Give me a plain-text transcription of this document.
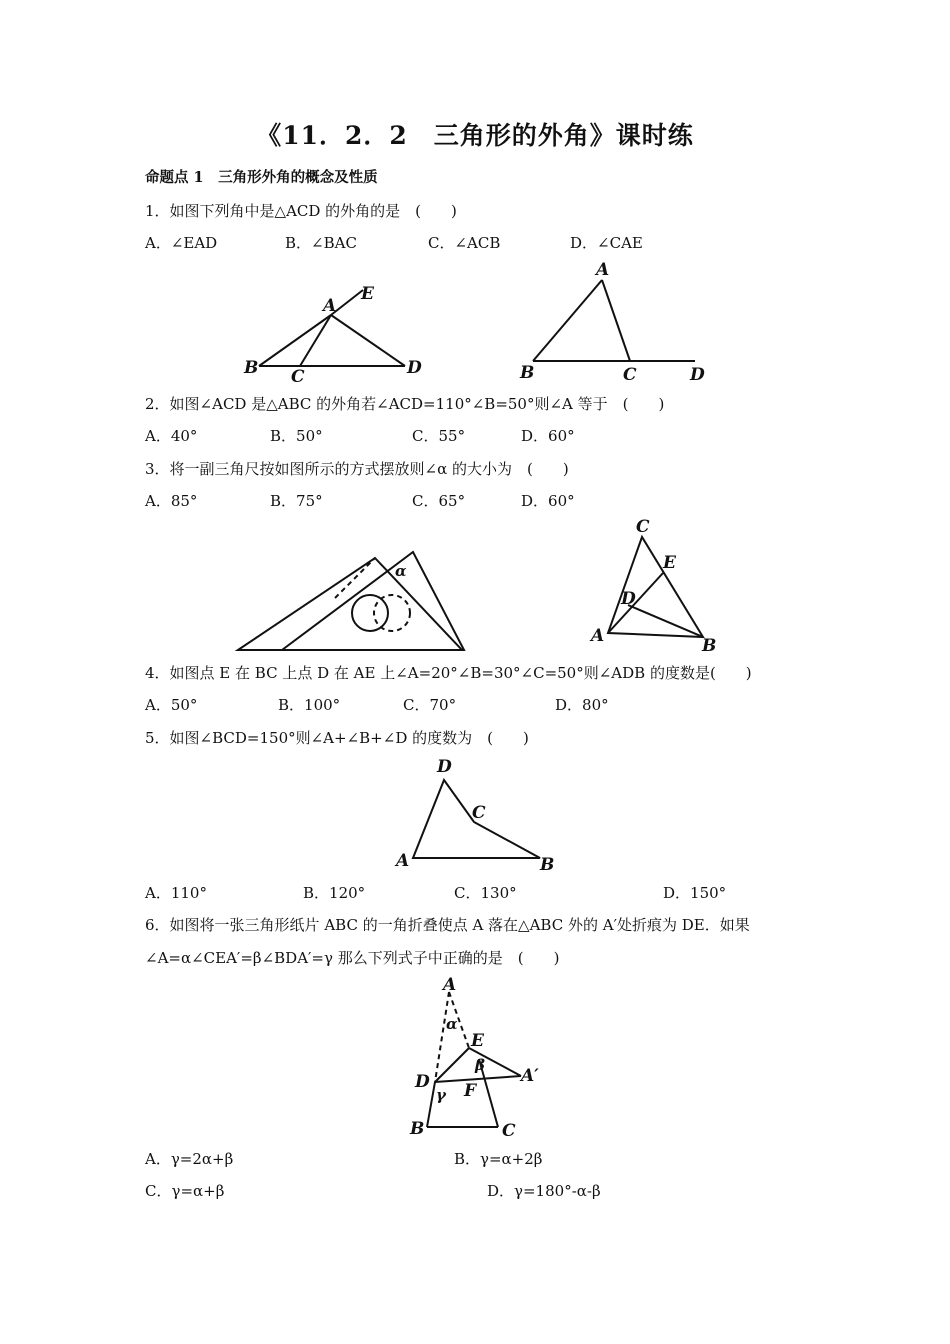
《11．2．2　三角形的外角》课时练
命题点 1　三角形外角的概念及性质
1．如图下列角中是△ACD 的外角的是　(　　)
A．∠EAD	B．∠BAC	C．∠ACB	D．∠CAE
A
E
B C	D
A
B	C	D
2．如图∠ACD 是△ABC 的外角若∠ACD=110°∠B=50°则∠A 等于　(　　)
A．40°	B．50°	C．55°	D．60°
3．将一副三角尺按如图所示的方式摆放则∠α 的大小为　(　　)
A．85°	B．75°	C．65°	D．60°
α
C
E
D
A	B
4．如图点 E 在 BC 上点 D 在 AE 上∠A=20°∠B=30°∠C=50°则∠ADB 的度数是(　　)
A．50°	B．100°	C．70°	D．80°
5．如图∠BCD=150°则∠A+∠B+∠D 的度数为　(　　)
D
C
A	B
A．110°	B．120°	C．130°	D．150°
6．如图将一张三角形纸片 ABC 的一角折叠使点 A 落在△ABC 外的 A′处折痕为 DE．如果
∠A=α∠CEA′=β∠BDA′=γ 那么下列式子中正确的是　(　　)
A
α
E
β
A′
D
γ F
B	C
A．γ=2α+β	B．γ=α+2β
C．γ=α+β	D．γ=180°-α-β
